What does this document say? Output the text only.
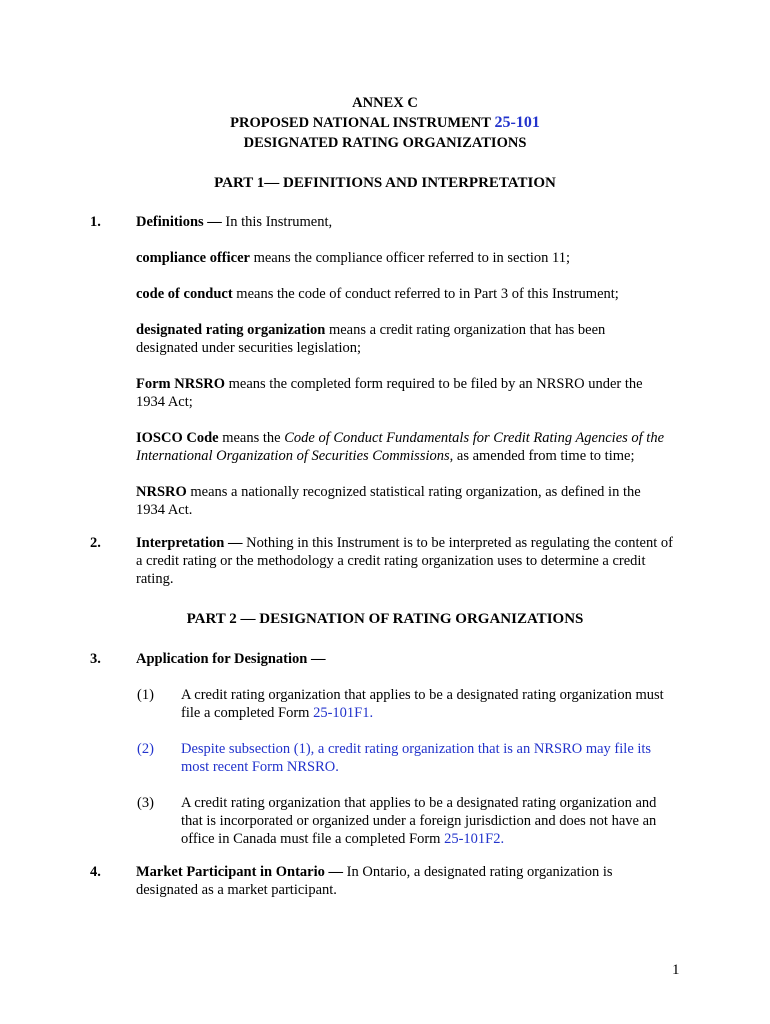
ANNEX C
PROPOSED NATIONAL INSTRUMENT 25-101
DESIGNATED RATING ORGANIZATIONS
PART 1— DEFINITIONS AND INTERPRETATION
1. Definitions — In this Instrument,
compliance officer means the compliance officer referred to in section 11;
code of conduct means the code of conduct referred to in Part 3 of this Instrument;
designated rating organization means a credit rating organization that has been designated under securities legislation;
Form NRSRO means the completed form required to be filed by an NRSRO under the 1934 Act;
IOSCO Code means the Code of Conduct Fundamentals for Credit Rating Agencies of the International Organization of Securities Commissions, as amended from time to time;
NRSRO means a nationally recognized statistical rating organization, as defined in the 1934 Act.
2. Interpretation — Nothing in this Instrument is to be interpreted as regulating the content of a credit rating or the methodology a credit rating organization uses to determine a credit rating.
PART 2 — DESIGNATION OF RATING ORGANIZATIONS
3. Application for Designation —
(1) A credit rating organization that applies to be a designated rating organization must file a completed Form 25-101F1.
(2) Despite subsection (1), a credit rating organization that is an NRSRO may file its most recent Form NRSRO.
(3) A credit rating organization that applies to be a designated rating organization and that is incorporated or organized under a foreign jurisdiction and does not have an office in Canada must file a completed Form 25-101F2.
4. Market Participant in Ontario — In Ontario, a designated rating organization is designated as a market participant.
1
